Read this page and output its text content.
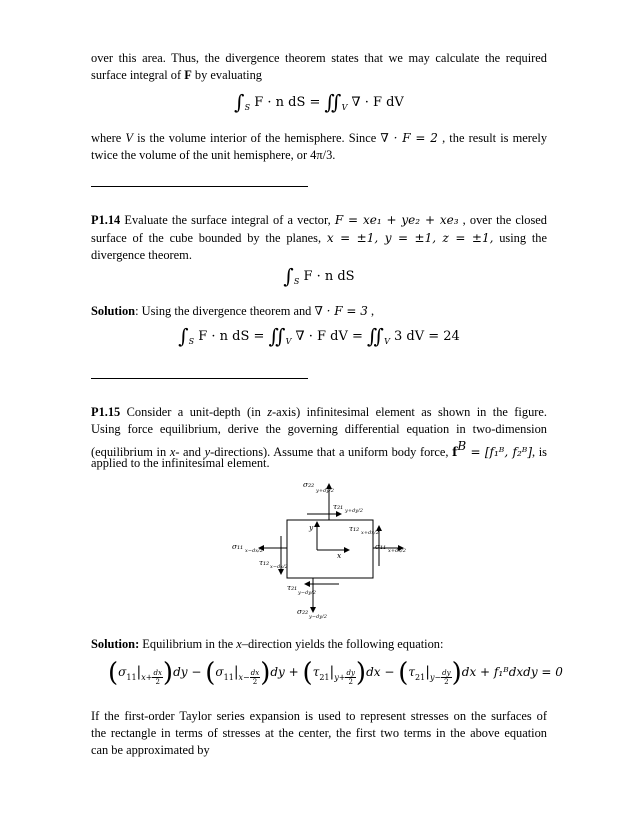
over this area. Thus, the divergence theorem states that we may calculate the required

surface integral of F by evaluating

$\int_S$ F · n dS = $∬_V$ ∇ · F dV

where V is the volume interior of the hemisphere. Since ∇ · F = 2 , the result is merely

twice the volume of the unit hemisphere, or 4π/3.

P1.14 Evaluate the surface integral of a vector, F = xe₁ + ye₂ + xe₃ , over the closed

surface of the cube bounded by the planes, x = ±1, y = ±1, z = ±1, using the

divergence theorem.

$\int_S$ F · n dS

Solution: Using the divergence theorem and ∇ · F = 3 ,

$\int_S$ F · n dS = $∬_V$ ∇ · F dV = $∬_V$ 3 dV = 24

P1.15 Consider a unit-depth (in z-axis) infinitesimal element as shown in the figure.

Using force equilibrium, derive the governing differential equation in two-dimension

(equilibrium in x- and y-directions). Assume that a uniform body force, fB = [f₁ᴮ, f₂ᴮ], is

applied to the infinitesimal element.

σ₂₂
y+dy/2
τ₂₁ y+dy/2
τ₁₂ x+dx/2
σ₁₁ x−dx/2	σ₁₁ x+dx/2
τ₁₂ x−dx/2
τ₂₁
y−dy/2
σ₂₂
y−dy/2
y
x

Solution: Equilibrium in the x–direction yields the following equation:

$(\sigma_{11}|_{x+} \frac{dx}{2} )dy - (\sigma_{11}|_{x-} \frac{dx}{2} )dy + (\tau_{21}|_{y+} \frac{dy}{2} )dx - (\tau_{21}|_{y-} \frac{dy}{2} )dx$ + f₁ᴮdxdy = 0

If the first-order Taylor series expansion is used to represent stresses on the surfaces of

the rectangle in terms of stresses at the center, the first two terms in the above equation

can be approximated by
